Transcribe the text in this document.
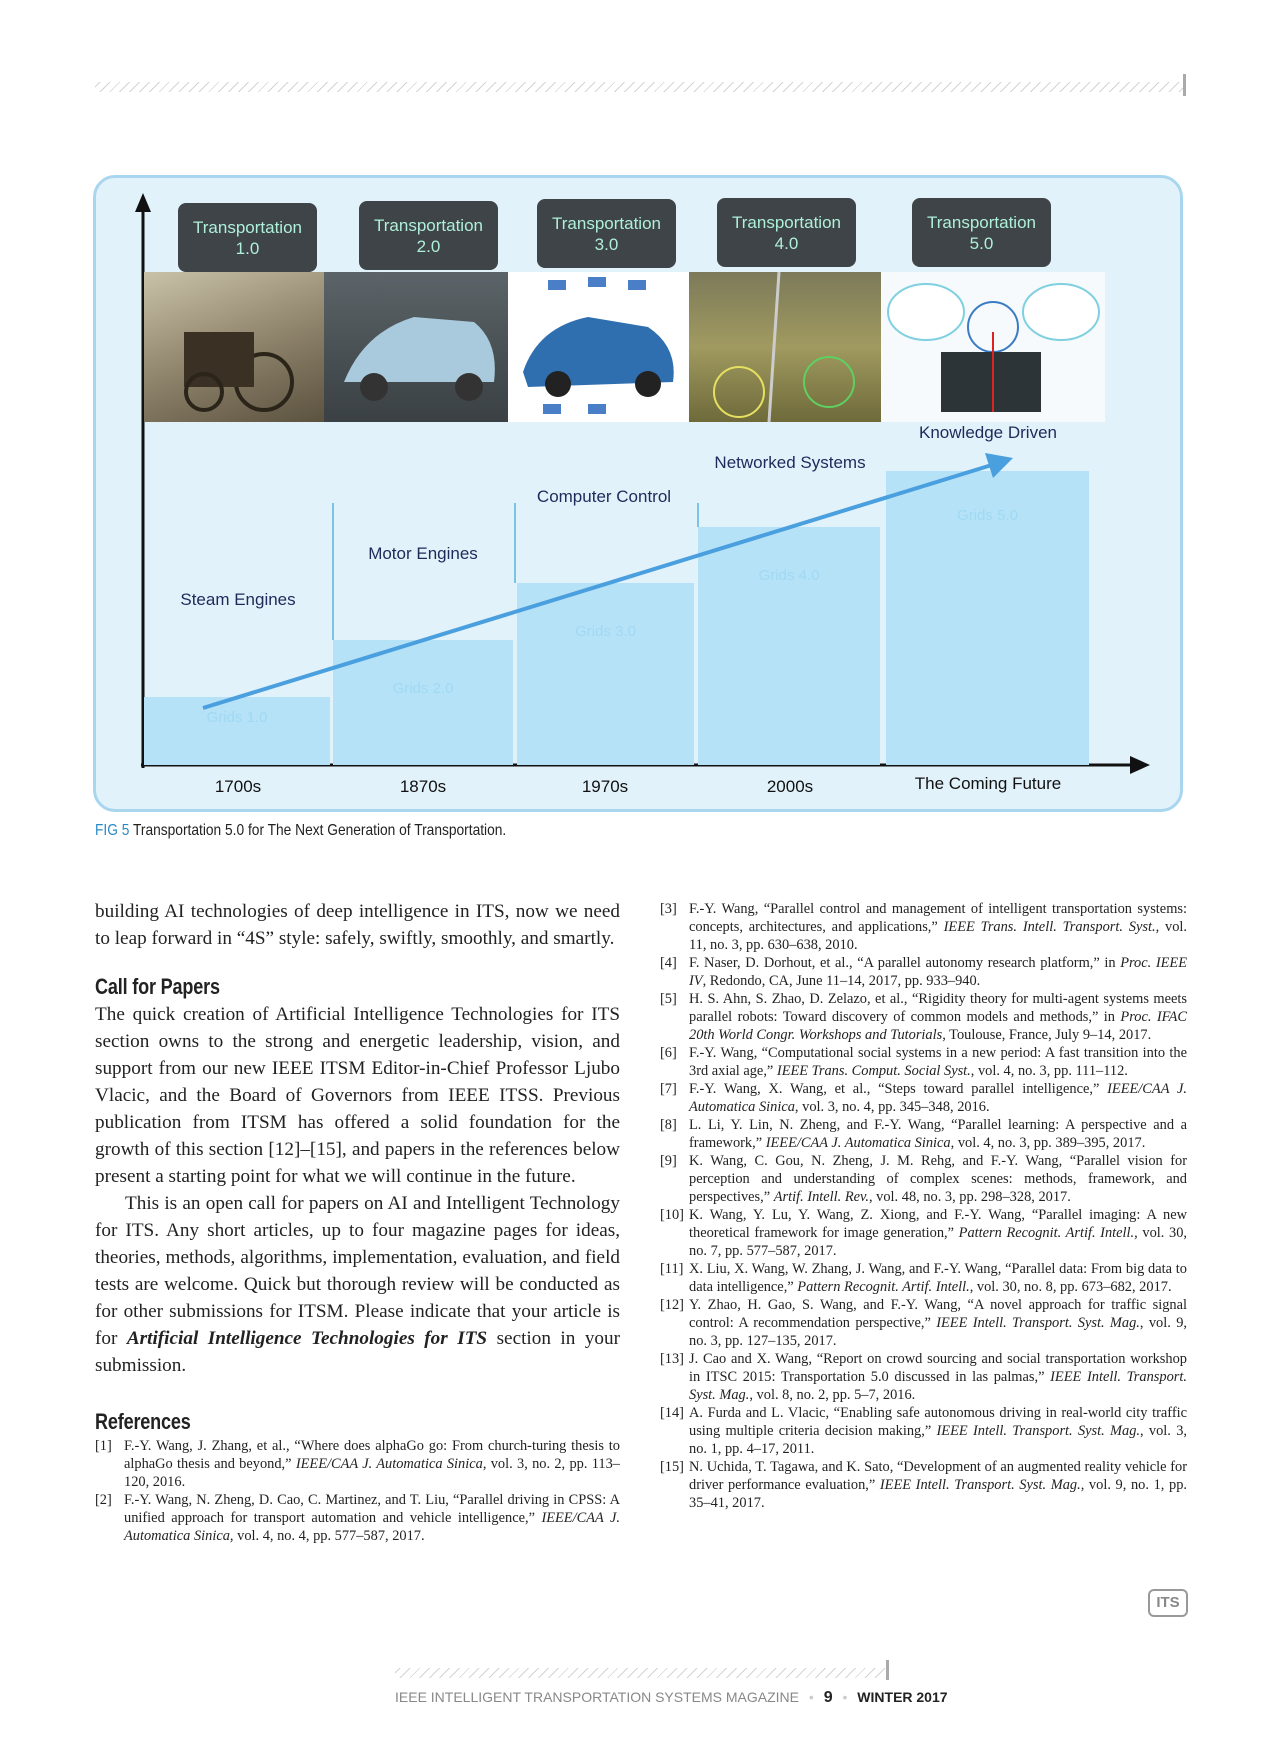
Transportation
1.0
Transportation
2.0
Transportation
3.0
Transportation
4.0
Transportation
5.0
Grids 1.0
Grids 2.0
Grids 3.0
Grids 4.0
Grids 5.0
Steam Engines
Motor Engines
Computer Control
Networked Systems
Knowledge Driven
1700s	1870s	1970s	2000s	The Coming Future
FIG 5 Transportation 5.0 for The Next Generation of Transportation.

building AI technologies of deep intelligence in ITS, now we need to leap forward in “4S” style: safely, swiftly, smoothly, and smartly.

Call for Papers

The quick creation of Artificial Intelligence Technologies for ITS section owns to the strong and energetic leadership, vision, and support from our new IEEE ITSM Editor-in-Chief Professor Ljubo Vlacic, and the Board of Governors from IEEE ITSS. Previous publication from ITSM has offered a solid foundation for the growth of this section [12]–[15], and papers in the references below present a starting point for what we will continue in the future.

This is an open call for papers on AI and Intelligent Technology for ITS. Any short articles, up to four magazine pages for ideas, theories, methods, algorithms, implementation, evaluation, and field tests are welcome. Quick but thorough review will be conducted as for other submissions for ITSM. Please indicate that your article is for Artificial Intelligence Technologies for ITS section in your submission.

References
[1] F.-Y. Wang, J. Zhang, et al., “Where does alphaGo go: From church-turing thesis to alphaGo thesis and beyond,” IEEE/CAA J. Automatica Sinica, vol. 3, no. 2, pp. 113–120, 2016.
[2] F.-Y. Wang, N. Zheng, D. Cao, C. Martinez, and T. Liu, “Parallel driving in CPSS: A unified approach for transport automation and vehicle intelligence,” IEEE/CAA J. Automatica Sinica, vol. 4, no. 4, pp. 577–587, 2017.
[3] F.-Y. Wang, “Parallel control and management of intelligent transportation systems: concepts, architectures, and applications,” IEEE Trans. Intell. Transport. Syst., vol. 11, no. 3, pp. 630–638, 2010.
[4] F. Naser, D. Dorhout, et al., “A parallel autonomy research platform,” in Proc. IEEE IV, Redondo, CA, June 11–14, 2017, pp. 933–940.
[5] H. S. Ahn, S. Zhao, D. Zelazo, et al., “Rigidity theory for multi-agent systems meets parallel robots: Toward discovery of common models and methods,” in Proc. IFAC 20th World Congr. Workshops and Tutorials, Toulouse, France, July 9–14, 2017.
[6] F.-Y. Wang, “Computational social systems in a new period: A fast transition into the 3rd axial age,” IEEE Trans. Comput. Social Syst., vol. 4, no. 3, pp. 111–112.
[7] F.-Y. Wang, X. Wang, et al., “Steps toward parallel intelligence,” IEEE/CAA J. Automatica Sinica, vol. 3, no. 4, pp. 345–348, 2016.
[8] L. Li, Y. Lin, N. Zheng, and F.-Y. Wang, “Parallel learning: A perspective and a framework,” IEEE/CAA J. Automatica Sinica, vol. 4, no. 3, pp. 389–395, 2017.
[9] K. Wang, C. Gou, N. Zheng, J. M. Rehg, and F.-Y. Wang, “Parallel vision for perception and understanding of complex scenes: methods, framework, and perspectives,” Artif. Intell. Rev., vol. 48, no. 3, pp. 298–328, 2017.
[10] K. Wang, Y. Lu, Y. Wang, Z. Xiong, and F.-Y. Wang, “Parallel imaging: A new theoretical framework for image generation,” Pattern Recognit. Artif. Intell., vol. 30, no. 7, pp. 577–587, 2017.
[11] X. Liu, X. Wang, W. Zhang, J. Wang, and F.-Y. Wang, “Parallel data: From big data to data intelligence,” Pattern Recognit. Artif. Intell., vol. 30, no. 8, pp. 673–682, 2017.
[12] Y. Zhao, H. Gao, S. Wang, and F.-Y. Wang, “A novel approach for traffic signal control: A recommendation perspective,” IEEE Intell. Transport. Syst. Mag., vol. 9, no. 3, pp. 127–135, 2017.
[13] J. Cao and X. Wang, “Report on crowd sourcing and social transportation workshop in ITSC 2015: Transportation 5.0 discussed in las palmas,” IEEE Intell. Transport. Syst. Mag., vol. 8, no. 2, pp. 5–7, 2016.
[14] A. Furda and L. Vlacic, “Enabling safe autonomous driving in real-world city traffic using multiple criteria decision making,” IEEE Intell. Transport. Syst. Mag., vol. 3, no. 1, pp. 4–17, 2011.
[15] N. Uchida, T. Tagawa, and K. Sato, “Development of an augmented reality vehicle for driver performance evaluation,” IEEE Intell. Transport. Syst. Mag., vol. 9, no. 1, pp. 35–41, 2017.
ITS
IEEE INTELLIGENT TRANSPORTATION SYSTEMS MAGAZINE • 9 • WINTER 2017
